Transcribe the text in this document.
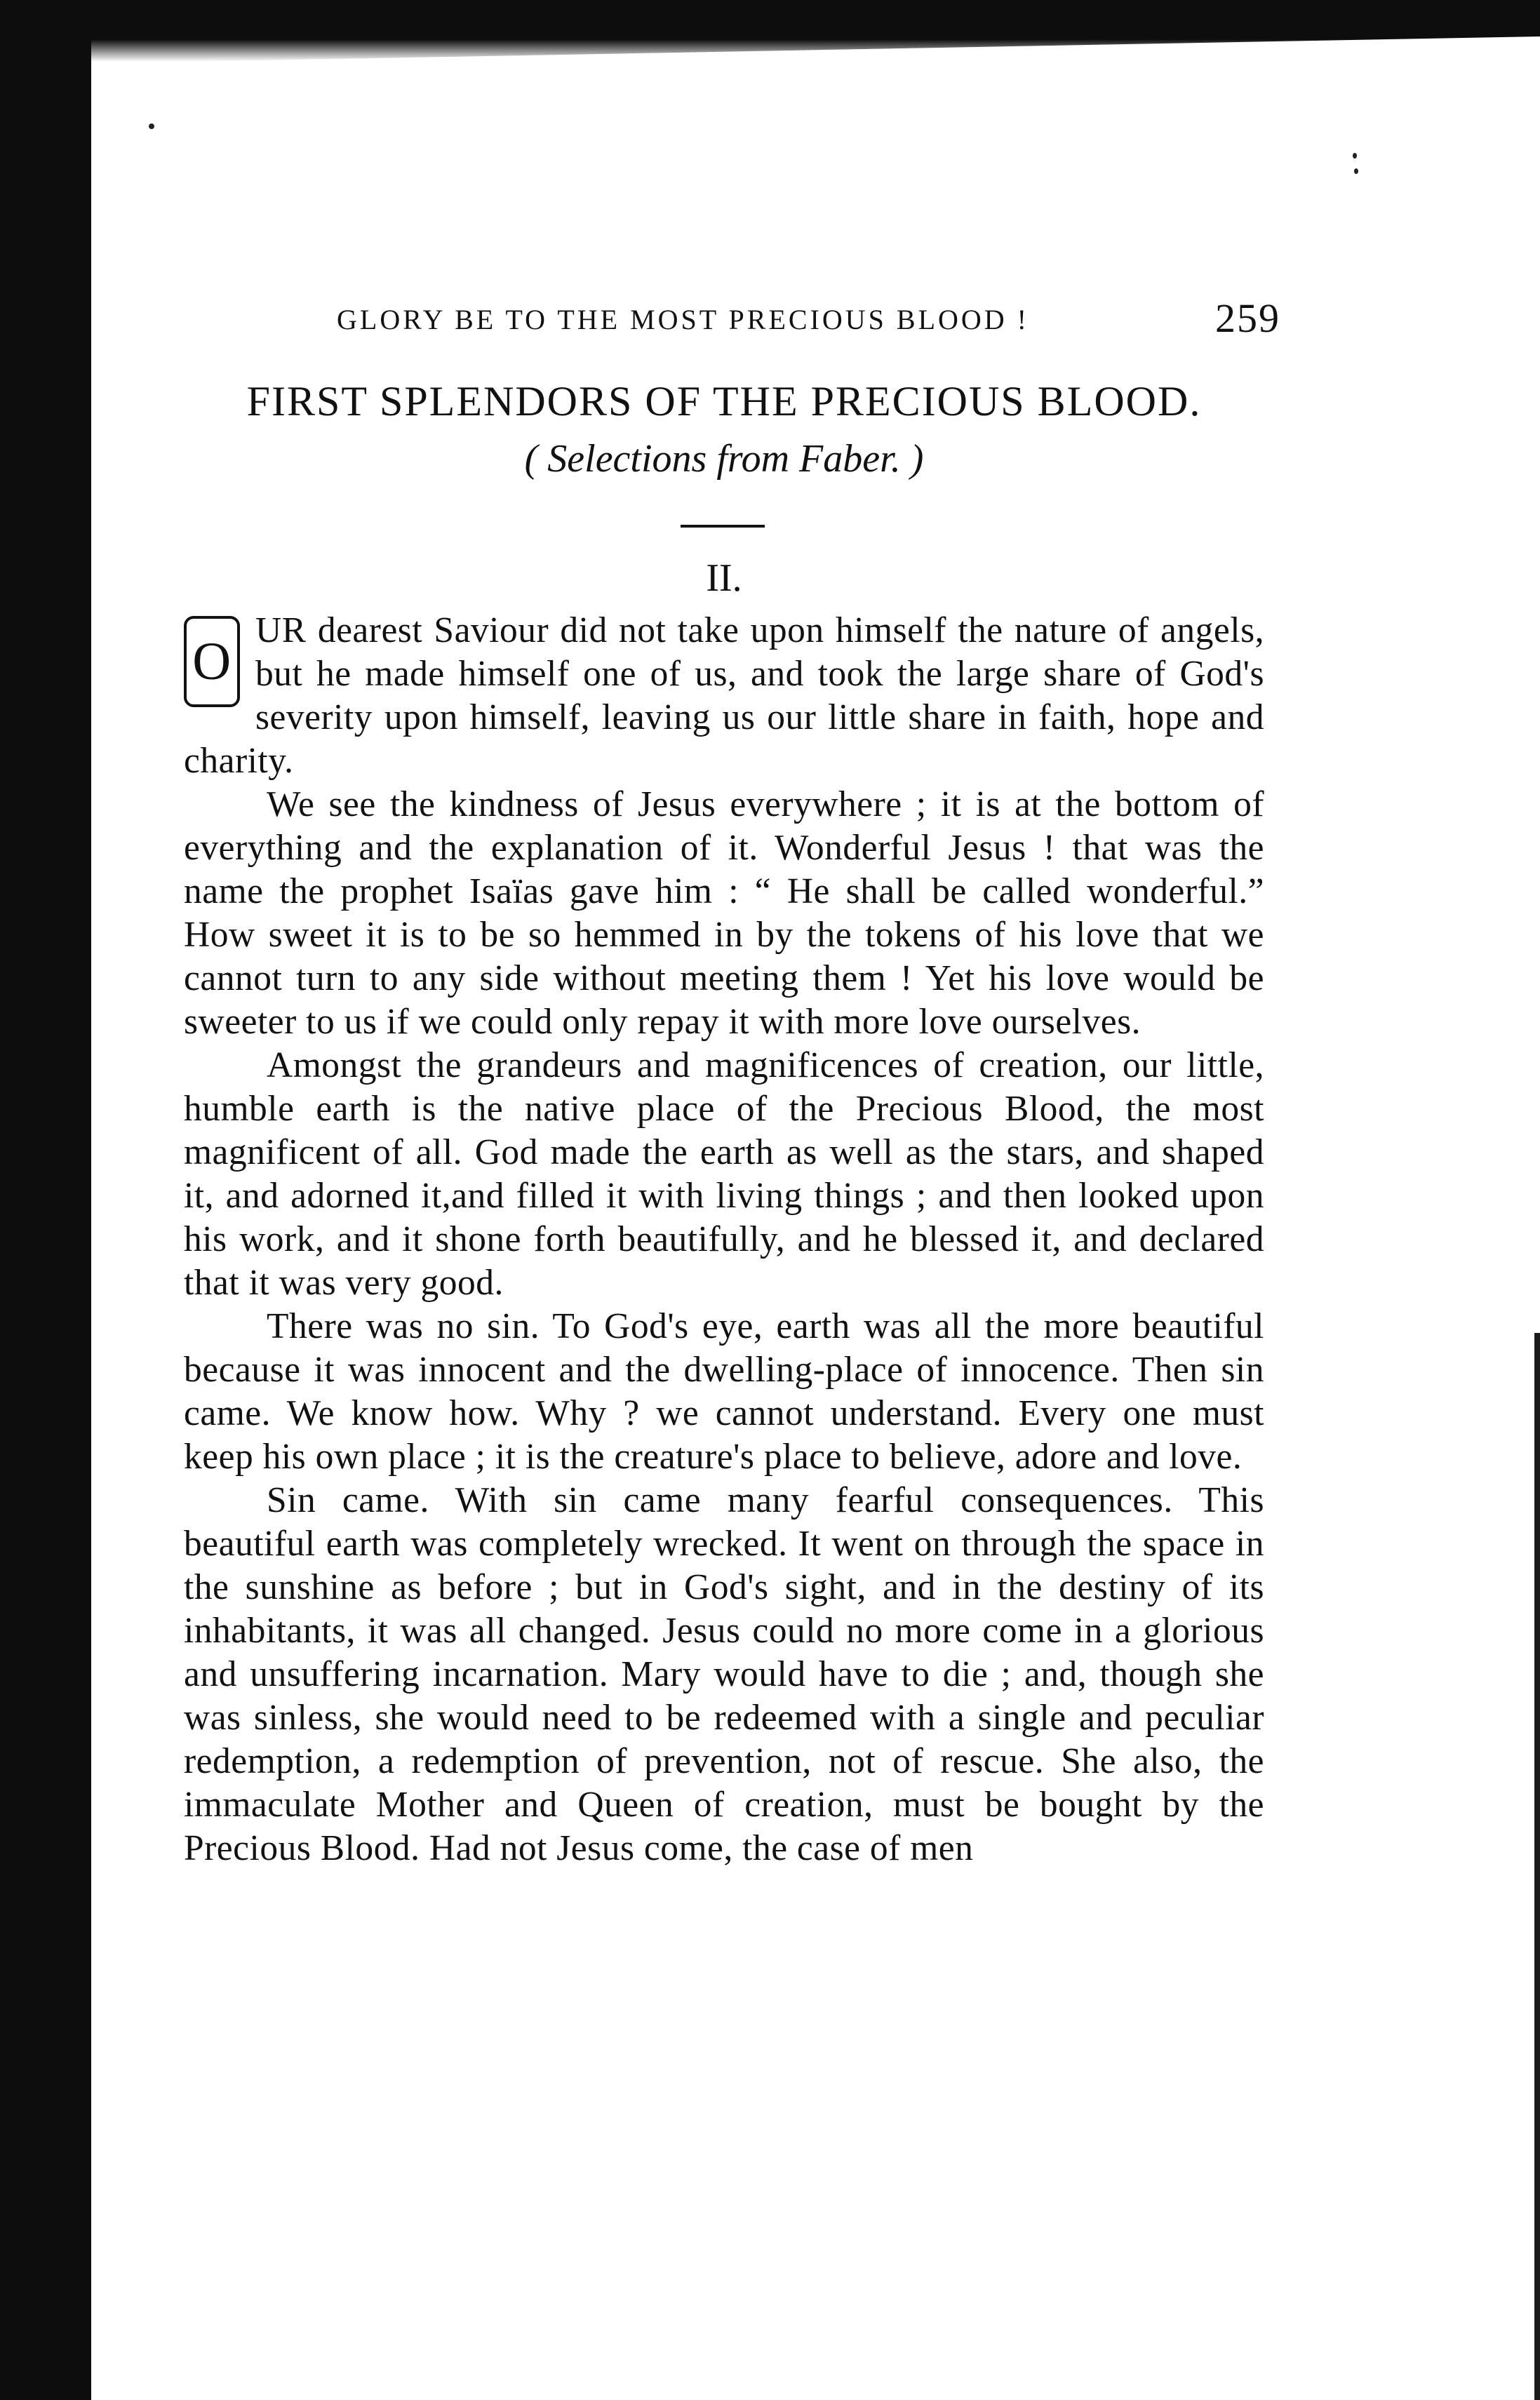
GLORY BE TO THE MOST PRECIOUS BLOOD !	259
FIRST SPLENDORS OF THE PRECIOUS BLOOD.
( Selections from Faber. )
II.

O
UR dearest Saviour did not take upon himself the nature of angels, but he made himself one of us, and took the large share of God's severity upon himself, leaving us our little share in faith, hope and charity.

We see the kindness of Jesus everywhere ; it is at the bottom of everything and the explanation of it. Wonderful Jesus ! that was the name the prophet Isaïas gave him : “ He shall be called wonderful.” How sweet it is to be so hemmed in by the tokens of his love that we cannot turn to any side without meeting them ! Yet his love would be sweeter to us if we could only repay it with more love ourselves.

Amongst the grandeurs and magnificences of creation, our little, humble earth is the native place of the Precious Blood, the most magnificent of all. God made the earth as well as the stars, and shaped it, and adorned it,and filled it with living things ; and then looked upon his work, and it shone forth beautifully, and he blessed it, and declared that it was very good.

There was no sin. To God's eye, earth was all the more beautiful because it was innocent and the dwelling-place of innocence. Then sin came. We know how. Why ? we cannot understand. Every one must keep his own place ; it is the creature's place to believe, adore and love.

Sin came. With sin came many fearful consequences. This beautiful earth was completely wrecked. It went on through the space in the sunshine as before ; but in God's sight, and in the destiny of its inhabitants, it was all changed. Jesus could no more come in a glorious and unsuffering incarnation. Mary would have to die ; and, though she was sinless, she would need to be redeemed with a single and peculiar redemption, a redemption of prevention, not of rescue. She also, the immaculate Mother and Queen of creation, must be bought by the Precious Blood. Had not Jesus come, the case of men
